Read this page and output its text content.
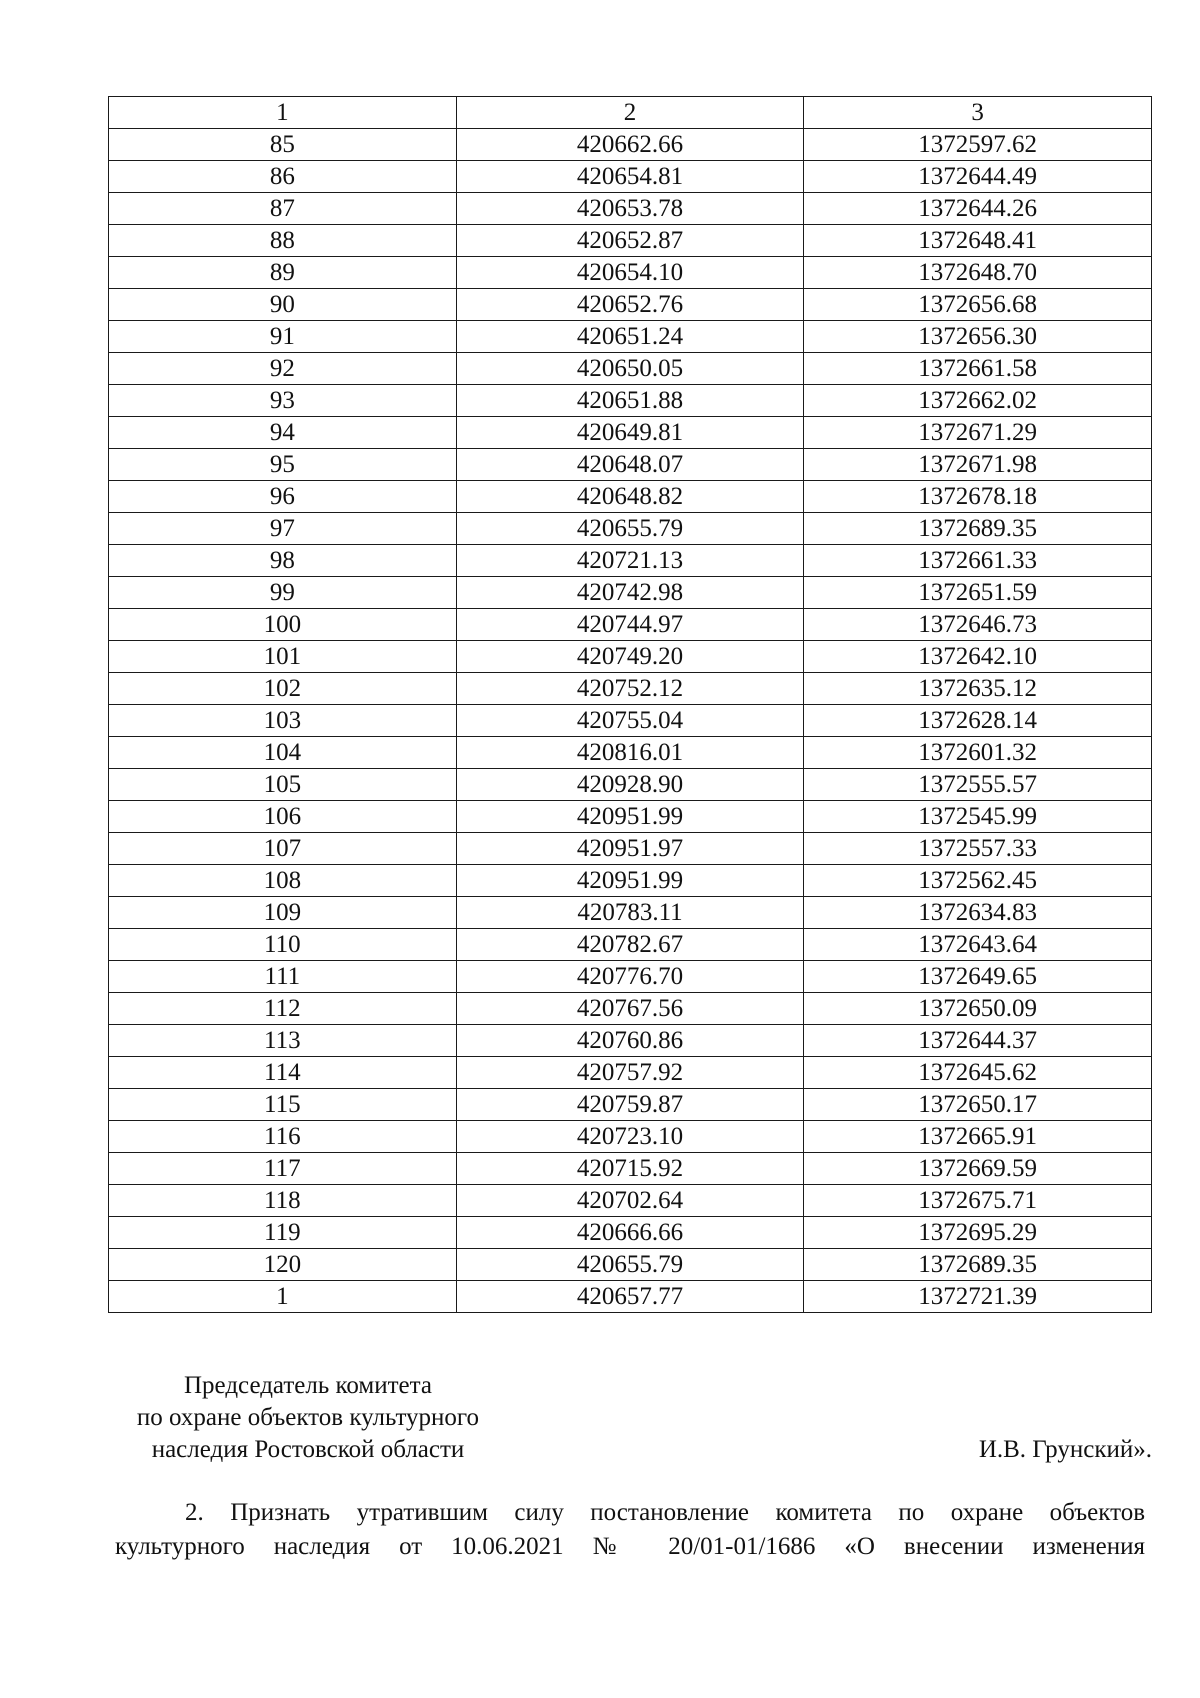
1	2	3
85	420662.66	1372597.62
86	420654.81	1372644.49
87	420653.78	1372644.26
88	420652.87	1372648.41
89	420654.10	1372648.70
90	420652.76	1372656.68
91	420651.24	1372656.30
92	420650.05	1372661.58
93	420651.88	1372662.02
94	420649.81	1372671.29
95	420648.07	1372671.98
96	420648.82	1372678.18
97	420655.79	1372689.35
98	420721.13	1372661.33
99	420742.98	1372651.59
100	420744.97	1372646.73
101	420749.20	1372642.10
102	420752.12	1372635.12
103	420755.04	1372628.14
104	420816.01	1372601.32
105	420928.90	1372555.57
106	420951.99	1372545.99
107	420951.97	1372557.33
108	420951.99	1372562.45
109	420783.11	1372634.83
110	420782.67	1372643.64
111	420776.70	1372649.65
112	420767.56	1372650.09
113	420760.86	1372644.37
114	420757.92	1372645.62
115	420759.87	1372650.17
116	420723.10	1372665.91
117	420715.92	1372669.59
118	420702.64	1372675.71
119	420666.66	1372695.29
120	420655.79	1372689.35
1	420657.77	1372721.39
Председатель комитета
по охране объектов культурного
наследия Ростовской области	И.В. Грунский».
2. Признать утратившим силу постановление комитета по охране объектов
культурного наследия от 10.06.2021 № 20/01-01/1686 «О внесении изменения
